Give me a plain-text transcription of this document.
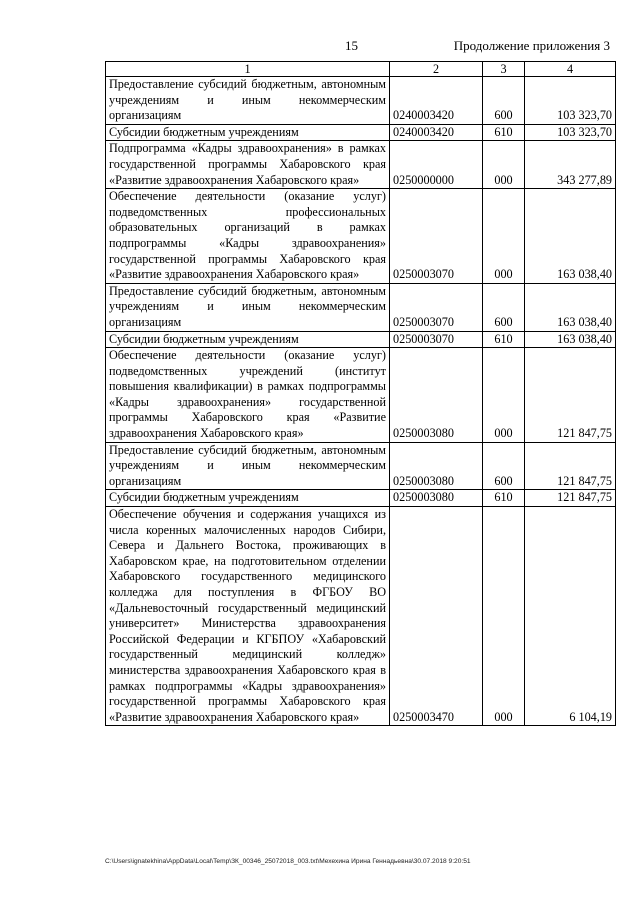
15	Продолжение приложения 3
1	2	3	4
Предоставление субсидий бюджетным, автономным учреждениям и иным некоммерческим организациям	0240003420	600	103 323,70
Субсидии бюджетным учреждениям	0240003420	610	103 323,70
Подпрограмма «Кадры здравоохранения» в рамках государственной программы Хабаровского края «Развитие здравоохранения Хабаровского края»	0250000000	000	343 277,89
Обеспечение деятельности (оказание услуг) подведомственных профессиональных образовательных организаций в рамках подпрограммы «Кадры здравоохранения» государственной программы Хабаровского края «Развитие здравоохранения Хабаровского края»	0250003070	000	163 038,40
Предоставление субсидий бюджетным, автономным учреждениям и иным некоммерческим организациям	0250003070	600	163 038,40
Субсидии бюджетным учреждениям	0250003070	610	163 038,40
Обеспечение деятельности (оказание услуг) подведомственных учреждений (институт повышения квалификации) в рамках подпрограммы «Кадры здравоохранения» государственной программы Хабаровского края «Развитие здравоохранения Хабаровского края»	0250003080	000	121 847,75
Предоставление субсидий бюджетным, автономным учреждениям и иным некоммерческим организациям	0250003080	600	121 847,75
Субсидии бюджетным учреждениям	0250003080	610	121 847,75
Обеспечение обучения и содержания учащихся из числа коренных малочисленных народов Сибири, Севера и Дальнего Востока, проживающих в Хабаровском крае, на подготовительном отделении Хабаровского государственного медицинского колледжа для поступления в ФГБОУ ВО «Дальневосточный государственный медицинский университет» Министерства здравоохранения Российской Федерации и КГБПОУ «Хабаровский государственный медицинский колледж» министерства здравоохранения Хабаровского края в рамках подпрограммы «Кадры здравоохранения» государственной программы Хабаровского края «Развитие здравоохранения Хабаровского края»	0250003470	000	6 104,19
C:\Users\ignatekhina\AppData\Local\Temp\ЗК_00346_25072018_003.txt\Мехехина Ирина Геннадьевна\30.07.2018 9:20:51
